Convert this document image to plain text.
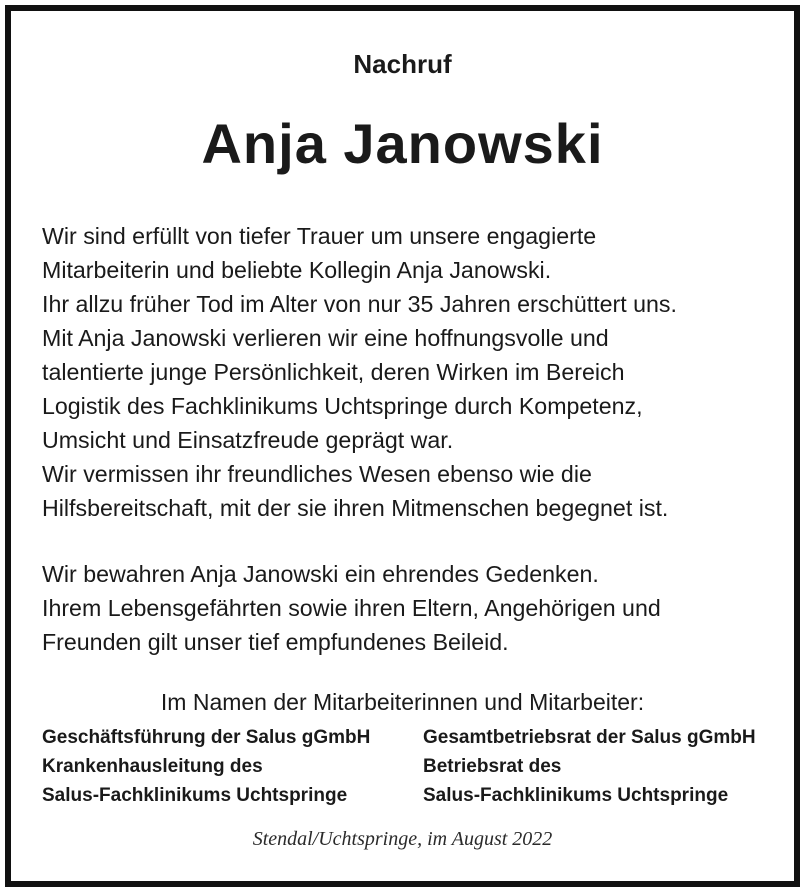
Nachruf
Anja Janowski
Wir sind erfüllt von tiefer Trauer um unsere engagierte
Mitarbeiterin und beliebte Kollegin Anja Janowski.
Ihr allzu früher Tod im Alter von nur 35 Jahren erschüttert uns.
Mit Anja Janowski verlieren wir eine hoffnungsvolle und
talentierte junge Persönlichkeit, deren Wirken im Bereich
Logistik des Fachklinikums Uchtspringe durch Kompetenz,
Umsicht und Einsatzfreude geprägt war.
Wir vermissen ihr freundliches Wesen ebenso wie die
Hilfsbereitschaft, mit der sie ihren Mitmenschen begegnet ist.
Wir bewahren Anja Janowski ein ehrendes Gedenken.
Ihrem Lebensgefährten sowie ihren Eltern, Angehörigen und
Freunden gilt unser tief empfundenes Beileid.
Im Namen der Mitarbeiterinnen und Mitarbeiter:
Geschäftsführung der Salus gGmbH
Krankenhausleitung des
Salus-Fachklinikums Uchtspringe
Gesamtbetriebsrat der Salus gGmbH
Betriebsrat des
Salus-Fachklinikums Uchtspringe
Stendal/Uchtspringe, im August 2022
